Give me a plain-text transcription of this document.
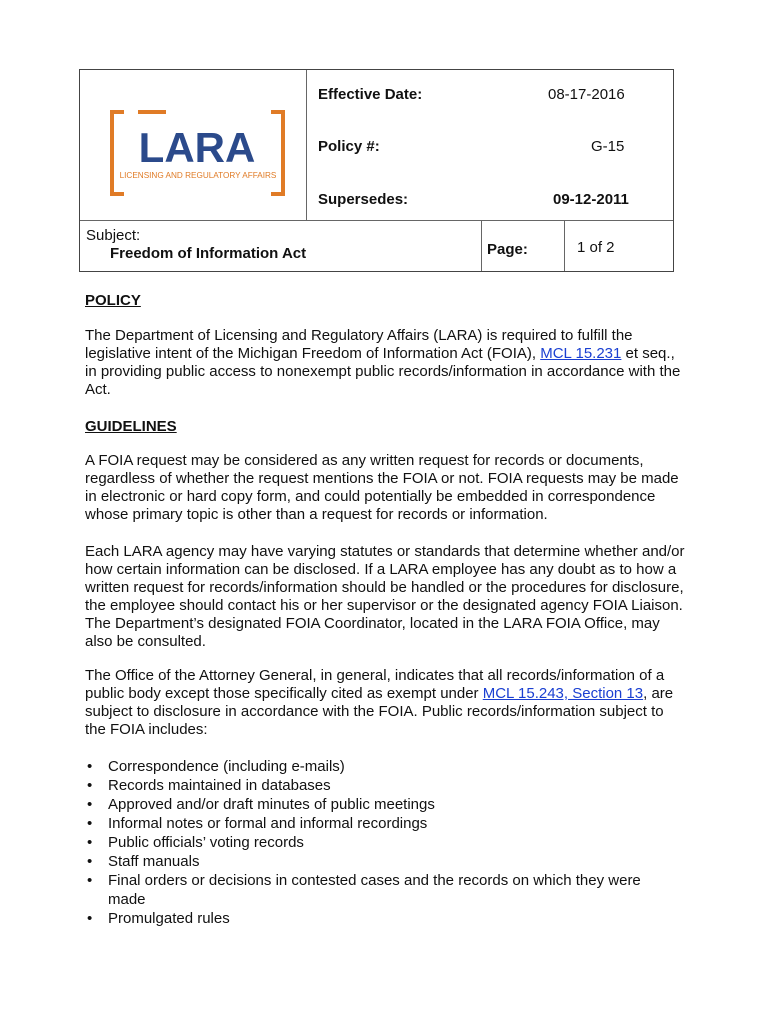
LARA
LICENSING AND REGULATORY AFFAIRS
Effective Date:	08-17-2016
Policy #:	G-15
Supersedes:	09-12-2011
Subject:
Freedom of Information Act	Page:	1 of 2
POLICY

The Department of Licensing and Regulatory Affairs (LARA) is required to fulfill the legislative intent of the Michigan Freedom of Information Act (FOIA), MCL 15.231 et seq., in providing public access to nonexempt public records/information in accordance with the Act.

GUIDELINES

A FOIA request may be considered as any written request for records or documents, regardless of whether the request mentions the FOIA or not. FOIA requests may be made in electronic or hard copy form, and could potentially be embedded in correspondence whose primary topic is other than a request for records or information.

Each LARA agency may have varying statutes or standards that determine whether and/or how certain information can be disclosed. If a LARA employee has any doubt as to how a written request for records/information should be handled or the procedures for disclosure, the employee should contact his or her supervisor or the designated agency FOIA Liaison. The Department’s designated FOIA Coordinator, located in the LARA FOIA Office, may also be consulted.

The Office of the Attorney General, in general, indicates that all records/information of a public body except those specifically cited as exempt under MCL 15.243, Section 13, are subject to disclosure in accordance with the FOIA. Public records/information subject to the FOIA includes:

• Correspondence (including e-mails)
• Records maintained in databases
• Approved and/or draft minutes of public meetings
• Informal notes or formal and informal recordings
• Public officials’ voting records
• Staff manuals
• Final orders or decisions in contested cases and the records on which they were made
• Promulgated rules
